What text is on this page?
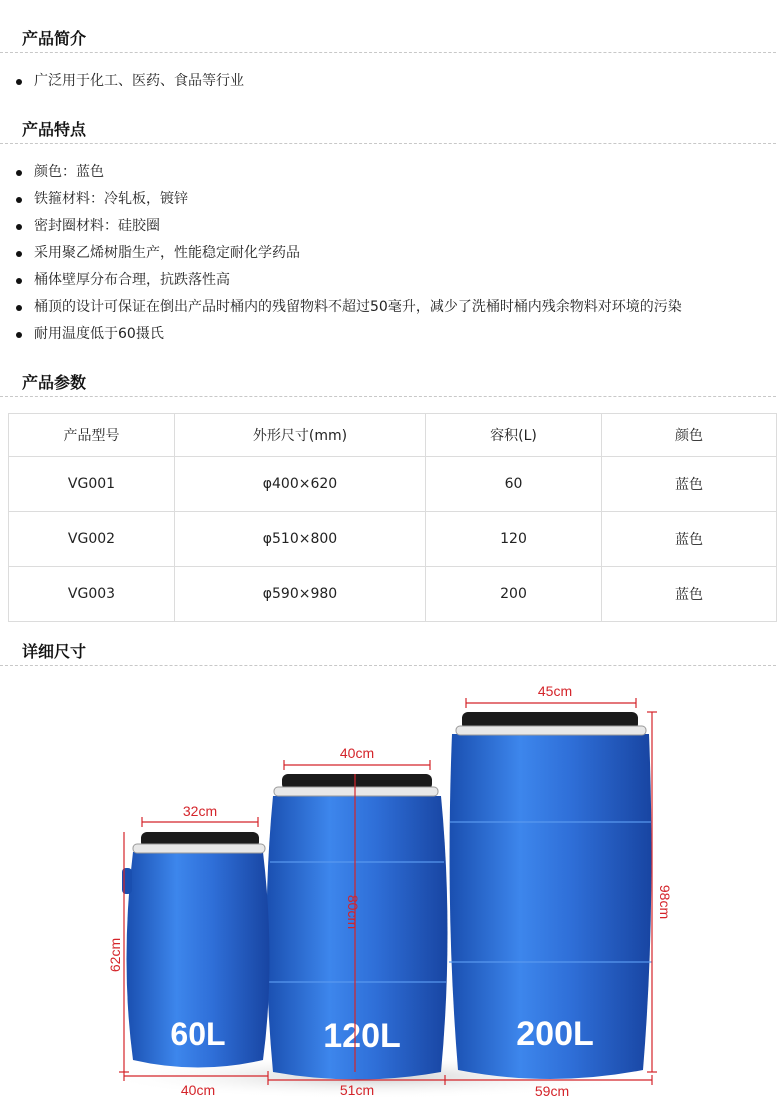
产品简介
广泛用于化工、医药、食品等行业
产品特点
颜色：蓝色
铁箍材料：冷轧板，镀锌
密封圈材料：硅胶圈
采用聚乙烯树脂生产，性能稳定耐化学药品
桶体壁厚分布合理，抗跌落性高
桶顶的设计可保证在倒出产品时桶内的残留物料不超过50毫升，减少了洗桶时桶内残余物料对环境的污染
耐用温度低于60摄氏
产品参数
产品型号	外形尺寸(mm)	容积(L)	颜色
VG001	φ400×620	60	蓝色
VG002	φ510×800	120	蓝色
VG003	φ590×980	200	蓝色
详细尺寸
200L
120L
60L
45cm
40cm
32cm
40cm	51cm	59cm
62cm
80cm	98cm
